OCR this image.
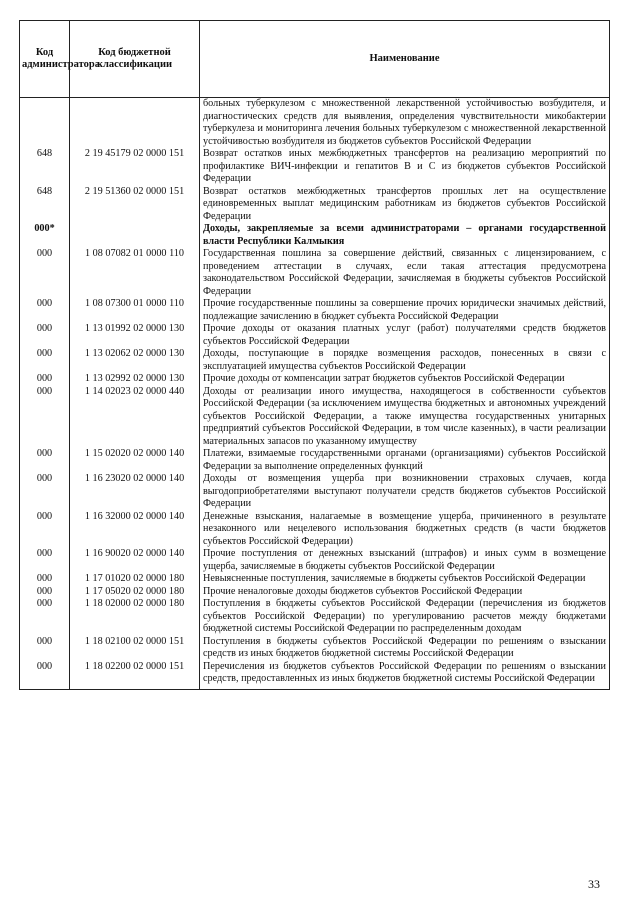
Код администратора	Код бюджетной классификации	Наименование
		больных туберкулезом с множественной лекарственной устойчивостью возбудителя, и диагностических средств для выявления, определения чувствительности микобактерии туберкулеза и мониторинга лечения больных туберкулезом с множественной лекарственной устойчивостью возбудителя из бюджетов субъектов Российской Федерации
648	2 19 45179 02 0000 151	Возврат остатков иных межбюджетных трансфертов на реализацию мероприятий по профилактике ВИЧ-инфекции и гепатитов В и С из бюджетов субъектов Российской Федерации
648	2 19 51360 02 0000 151	Возврат остатков межбюджетных трансфертов прошлых лет на осуществление единовременных выплат медицинским работникам из бюджетов субъектов Российской Федерации
000*		Доходы, закрепляемые за всеми администраторами – органами государственной власти Республики Калмыкия
000	1 08 07082 01 0000 110	Государственная пошлина за совершение действий, связанных с лицензированием, с проведением аттестации в случаях, если такая аттестация предусмотрена законодательством Российской Федерации, зачисляемая в бюджеты субъектов Российской Федерации
000	1 08 07300 01 0000 110	Прочие государственные пошлины за совершение прочих юридически значимых действий, подлежащие зачислению в бюджет субъекта Российской Федерации
000	1 13 01992 02 0000 130	Прочие доходы от оказания платных услуг (работ) получателями средств бюджетов субъектов Российской Федерации
000	1 13 02062 02 0000 130	Доходы, поступающие в порядке возмещения расходов, понесенных в связи с эксплуатацией имущества субъектов Российской Федерации
000	1 13 02992 02 0000 130	Прочие доходы от компенсации затрат бюджетов субъектов Российской Федерации
000	1 14 02023 02 0000 440	Доходы от реализации иного имущества, находящегося в собственности субъектов Российской Федерации (за исключением имущества бюджетных и автономных учреждений субъектов Российской Федерации, а также имущества государственных унитарных предприятий субъектов Российской Федерации, в том числе казенных), в части реализации материальных запасов по указанному имуществу
000	1 15 02020 02 0000 140	Платежи, взимаемые государственными органами (организациями) субъектов Российской Федерации за выполнение определенных функций
000	1 16 23020 02 0000 140	Доходы от возмещения ущерба при возникновении страховых случаев, когда выгодоприобретателями выступают получатели средств бюджетов субъектов Российской Федерации
000	1 16 32000 02 0000 140	Денежные взыскания, налагаемые в возмещение ущерба, причиненного в результате незаконного или нецелевого использования бюджетных средств (в части бюджетов субъектов Российской Федерации)
000	1 16 90020 02 0000 140	Прочие поступления от денежных взысканий (штрафов) и иных сумм в возмещение ущерба, зачисляемые в бюджеты субъектов Российской Федерации
000	1 17 01020 02 0000 180	Невыясненные поступления, зачисляемые в бюджеты субъектов Российской Федерации
000	1 17 05020 02 0000 180	Прочие неналоговые доходы бюджетов субъектов Российской Федерации
000	1 18 02000 02 0000 180	Поступления в бюджеты субъектов Российской Федерации (перечисления из бюджетов субъектов Российской Федерации) по урегулированию расчетов между бюджетами бюджетной системы Российской Федерации по распределенным доходам
000	1 18 02100 02 0000 151	Поступления в бюджеты субъектов Российской Федерации по решениям о взыскании средств из иных бюджетов бюджетной системы Российской Федерации
000	1 18 02200 02 0000 151	Перечисления из бюджетов субъектов Российской Федерации по решениям о взыскании средств, предоставленных из иных бюджетов бюджетной системы Российской Федерации
33
